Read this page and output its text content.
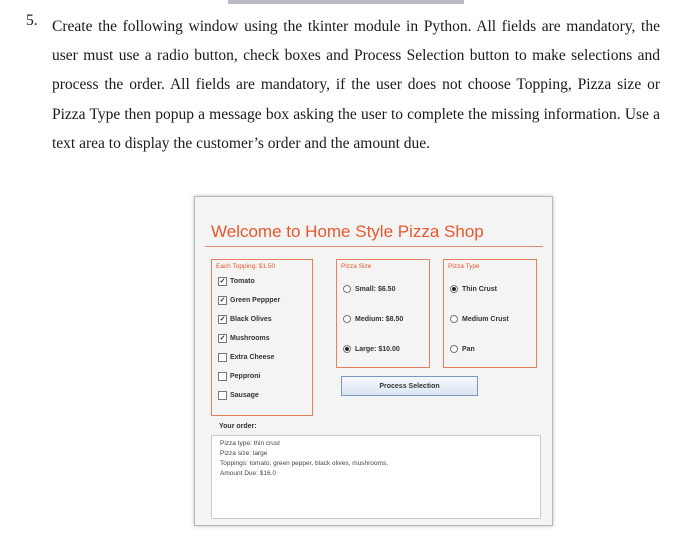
5. Create the following window using the tkinter module in Python. All fields are mandatory, the user must use a radio button, check boxes and Process Selection button to make selections and process the order. All fields are mandatory, if the user does not choose Topping, Pizza size or Pizza Type then popup a message box asking the user to complete the missing information. Use a text area to display the customer’s order and the amount due.

Welcome to Home Style Pizza Shop
Each Topping: $1.50
✓ Tomato
✓ Green Peppper
✓ Black Olives
✓ Mushrooms
Extra Cheese
Pepproni
Sausage
Pizza Size
Small: $6.50
Medium: $8.50
Large: $10.00
Pizza Type
Thin Crust
Medium Crust
Pan
Process Selection
Your order:
Pizza type: thin crust
Pizza size: large
Toppings: tomato, green pepper, black olives, mushrooms,
Amount Due: $16.0
